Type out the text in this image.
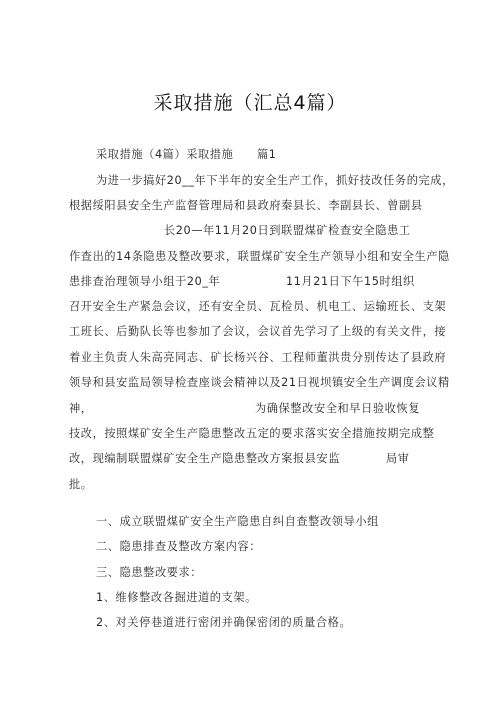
采取措施（汇总4篇）
采取措施（4篇）采取措施 篇1
为进一步搞好20__年下半年的安全生产工作，抓好技改任务的完成，
根据绥阳县安全生产监督管理局和县政府秦县长、李副县长、曾副县
长20—年11月20日到联盟煤矿检查安全隐患工
作查出的14条隐患及整改要求，联盟煤矿安全生产领导小组和安全生产隐
患排查治理领导小组于20_年	11月21日下午15时组织
召开安全生产紧急会议，还有安全员、瓦检员、机电工、运输班长、支架
工班长、后勤队长等也参加了会议，会议首先学习了上级的有关文件，接
着业主负责人朱高亮同志、矿长杨兴谷、工程师董洪贵分别传达了县政府
领导和县安监局领导检查座谈会精神以及21日视坝镇安全生产调度会议精
神，	为确保整改安全和早日验收恢复
技改，按照煤矿安全生产隐患整改五定的要求落实安全措施按期完成整
改，现编制联盟煤矿安全生产隐患整改方案报县安监	局审
批。
一、成立联盟煤矿安全生产隐患自纠自查整改领导小组
二、隐患排查及整改方案内容：
三、隐患整改要求：
1、维修整改各掘进道的支架。
2、对关停巷道进行密闭并确保密闭的质量合格。
